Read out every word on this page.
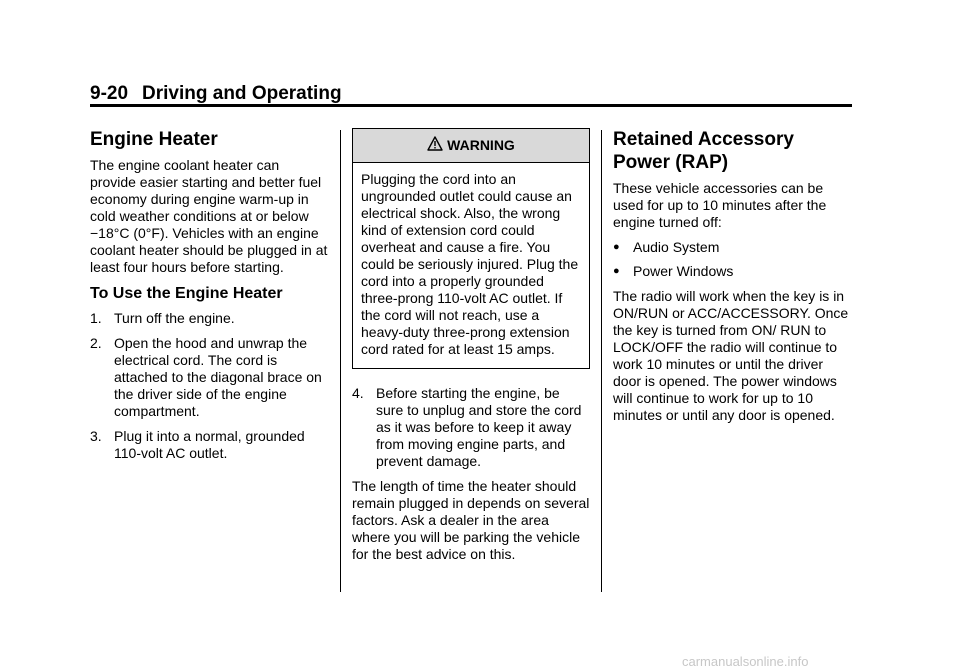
9-20 Driving and Operating
Engine Heater

The engine coolant heater can provide easier starting and better fuel economy during engine warm-up in cold weather conditions at or below −18°C (0°F). Vehicles with an engine coolant heater should be plugged in at least four hours before starting.

To Use the Engine Heater
1. Turn off the engine.
2. Open the hood and unwrap the electrical cord. The cord is attached to the diagonal brace on the driver side of the engine compartment.
3. Plug it into a normal, grounded 110-volt AC outlet.
WARNING
Plugging the cord into an ungrounded outlet could cause an electrical shock. Also, the wrong kind of extension cord could overheat and cause a fire. You could be seriously injured. Plug the cord into a properly grounded three-prong 110-volt AC outlet. If the cord will not reach, use a heavy-duty three-prong extension cord rated for at least 15 amps.
4. Before starting the engine, be sure to unplug and store the cord as it was before to keep it away from moving engine parts, and prevent damage.

The length of time the heater should remain plugged in depends on several factors. Ask a dealer in the area where you will be parking the vehicle for the best advice on this.

Retained Accessory Power (RAP)

These vehicle accessories can be used for up to 10 minutes after the engine turned off:

● Audio System
● Power Windows

The radio will work when the key is in ON/RUN or ACC/ACCESSORY. Once the key is turned from ON/ RUN to LOCK/OFF the radio will continue to work 10 minutes or until the driver door is opened. The power windows will continue to work for up to 10 minutes or until any door is opened.

carmanualsonline.info
